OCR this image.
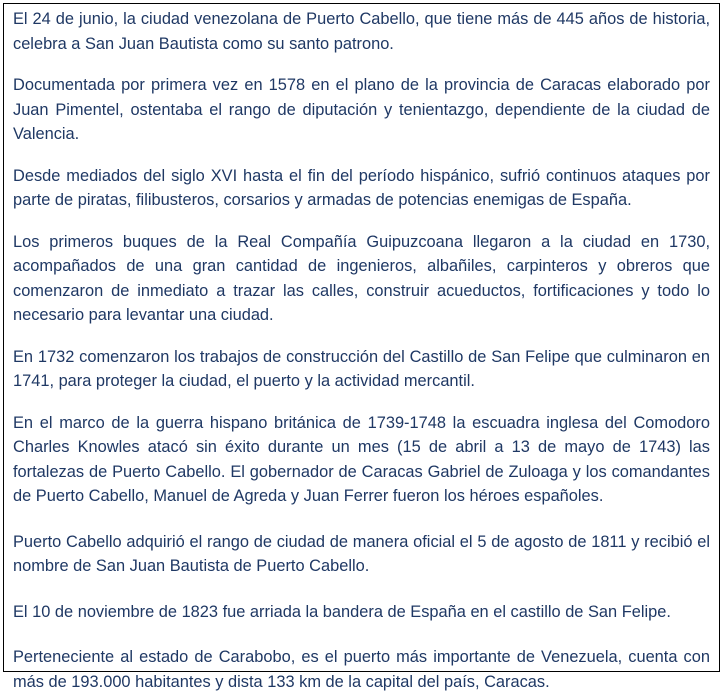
El 24 de junio, la ciudad venezolana de Puerto Cabello, que tiene más de 445 años de historia, celebra a San Juan Bautista como su santo patrono.

Documentada por primera vez en 1578 en el plano de la provincia de Caracas elaborado por Juan Pimentel, ostentaba el rango de diputación y tenientazgo, dependiente de la ciudad de Valencia.

Desde mediados del siglo XVI hasta el fin del período hispánico, sufrió continuos ataques por parte de piratas, filibusteros, corsarios y armadas de potencias enemigas de España.

Los primeros buques de la Real Compañía Guipuzcoana llegaron a la ciudad en 1730, acompañados de una gran cantidad de ingenieros, albañiles, carpinteros y obreros que comenzaron de inmediato a trazar las calles, construir acueductos, fortificaciones y todo lo necesario para levantar una ciudad.

En 1732 comenzaron los trabajos de construcción del Castillo de San Felipe que culminaron en 1741, para proteger la ciudad, el puerto y la actividad mercantil.

En el marco de la guerra hispano británica de 1739-1748 la escuadra inglesa del Comodoro Charles Knowles atacó sin éxito durante un mes (15 de abril a 13 de mayo de 1743) las fortalezas de Puerto Cabello. El gobernador de Caracas Gabriel de Zuloaga y los comandantes de Puerto Cabello, Manuel de Agreda y Juan Ferrer fueron los héroes españoles.

Puerto Cabello adquirió el rango de ciudad de manera oficial el 5 de agosto de 1811 y recibió el nombre de San Juan Bautista de Puerto Cabello.

El 10 de noviembre de 1823 fue arriada la bandera de España en el castillo de San Felipe.

Perteneciente al estado de Carabobo, es el puerto más importante de Venezuela, cuenta con más de 193.000 habitantes y dista 133 km de la capital del país, Caracas.
